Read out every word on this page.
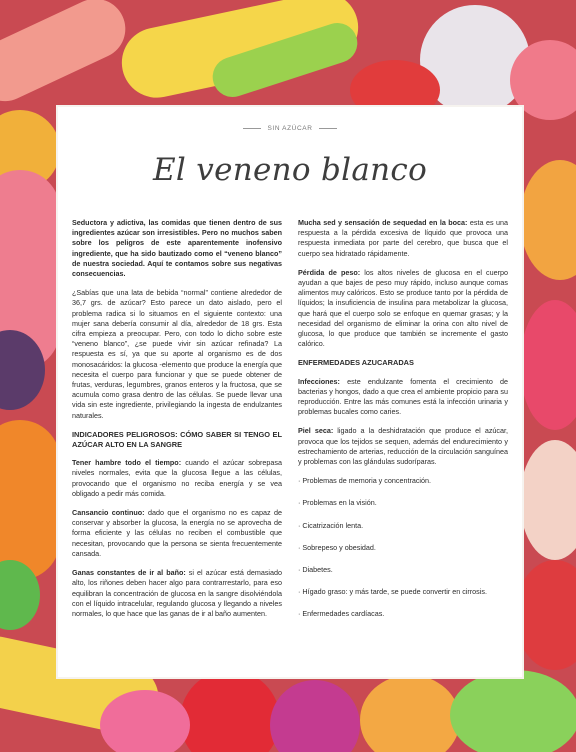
SIN AZÚCAR
El veneno blanco

Seductora y adictiva, las comidas que tienen dentro de sus ingredientes azúcar son irresistibles. Pero no muchos saben sobre los peligros de este aparentemente inofensivo ingrediente, que ha sido bautizado como el “veneno blanco” de nuestra sociedad. Aquí te contamos sobre sus negativas consecuencias.

¿Sabías que una lata de bebida “normal” contiene alrededor de 36,7 grs. de azúcar? Esto parece un dato aislado, pero el problema radica si lo situamos en el siguiente contexto: una mujer sana debería consumir al día, alrededor de 18 grs. Esta cifra empieza a preocupar. Pero, con todo lo dicho sobre este “veneno blanco”, ¿se puede vivir sin azúcar refinada? La respuesta es sí, ya que su aporte al organismo es de dos monosacáridos: la glucosa -elemento que produce la energía que necesita el cuerpo para funcionar y que se puede obtener de frutas, verduras, legumbres, granos enteros y la fructosa, que se acumula como grasa dentro de las células. Se puede llevar una vida sin este ingrediente, privilegiando la ingesta de endulzantes naturales.

INDICADORES PELIGROSOS: CÓMO SABER SI TENGO EL AZÚCAR ALTO EN LA SANGRE

Tener hambre todo el tiempo: cuando el azúcar sobrepasa niveles normales, evita que la glucosa llegue a las células, provocando que el organismo no reciba energía y se vea obligado a pedir más comida.

Cansancio continuo: dado que el organismo no es capaz de conservar y absorber la glucosa, la energía no se aprovecha de forma eficiente y las células no reciben el combustible que necesitan, provocando que la persona se sienta frecuentemente cansada.

Ganas constantes de ir al baño: si el azúcar está demasiado alto, los riñones deben hacer algo para contrarrestarlo, para eso equilibran la concentración de glucosa en la sangre disolviéndola con el líquido intracelular, regulando glucosa y llegando a niveles normales, lo que hace que las ganas de ir al baño aumenten.

Mucha sed y sensación de sequedad en la boca: esta es una respuesta a la pérdida excesiva de líquido que provoca una respuesta inmediata por parte del cerebro, que busca que el cuerpo sea hidratado rápidamente.

Pérdida de peso: los altos niveles de glucosa en el cuerpo ayudan a que bajes de peso muy rápido, incluso aunque comas alimentos muy calóricos. Esto se produce tanto por la pérdida de líquidos; la insuficiencia de insulina para metabolizar la glucosa, que hará que el cuerpo solo se enfoque en quemar grasas; y la necesidad del organismo de eliminar la orina con alto nivel de glucosa, lo que produce que también se incremente el gasto calórico.

ENFERMEDADES AZUCARADAS

Infecciones: este endulzante fomenta el crecimiento de bacterias y hongos, dado a que crea el ambiente propicio para su reproducción. Entre las más comunes está la infección urinaria y problemas bucales como caries.

Piel seca: ligado a la deshidratación que produce el azúcar, provoca que los tejidos se sequen, además del endurecimiento y estrechamiento de arterias, reducción de la circulación sanguínea y problemas con las glándulas sudoríparas.

· Problemas de memoria y concentración.

· Problemas en la visión.

· Cicatrización lenta.

· Sobrepeso y obesidad.

· Diabetes.

· Hígado graso: y más tarde, se puede convertir en cirrosis.

· Enfermedades cardíacas.
